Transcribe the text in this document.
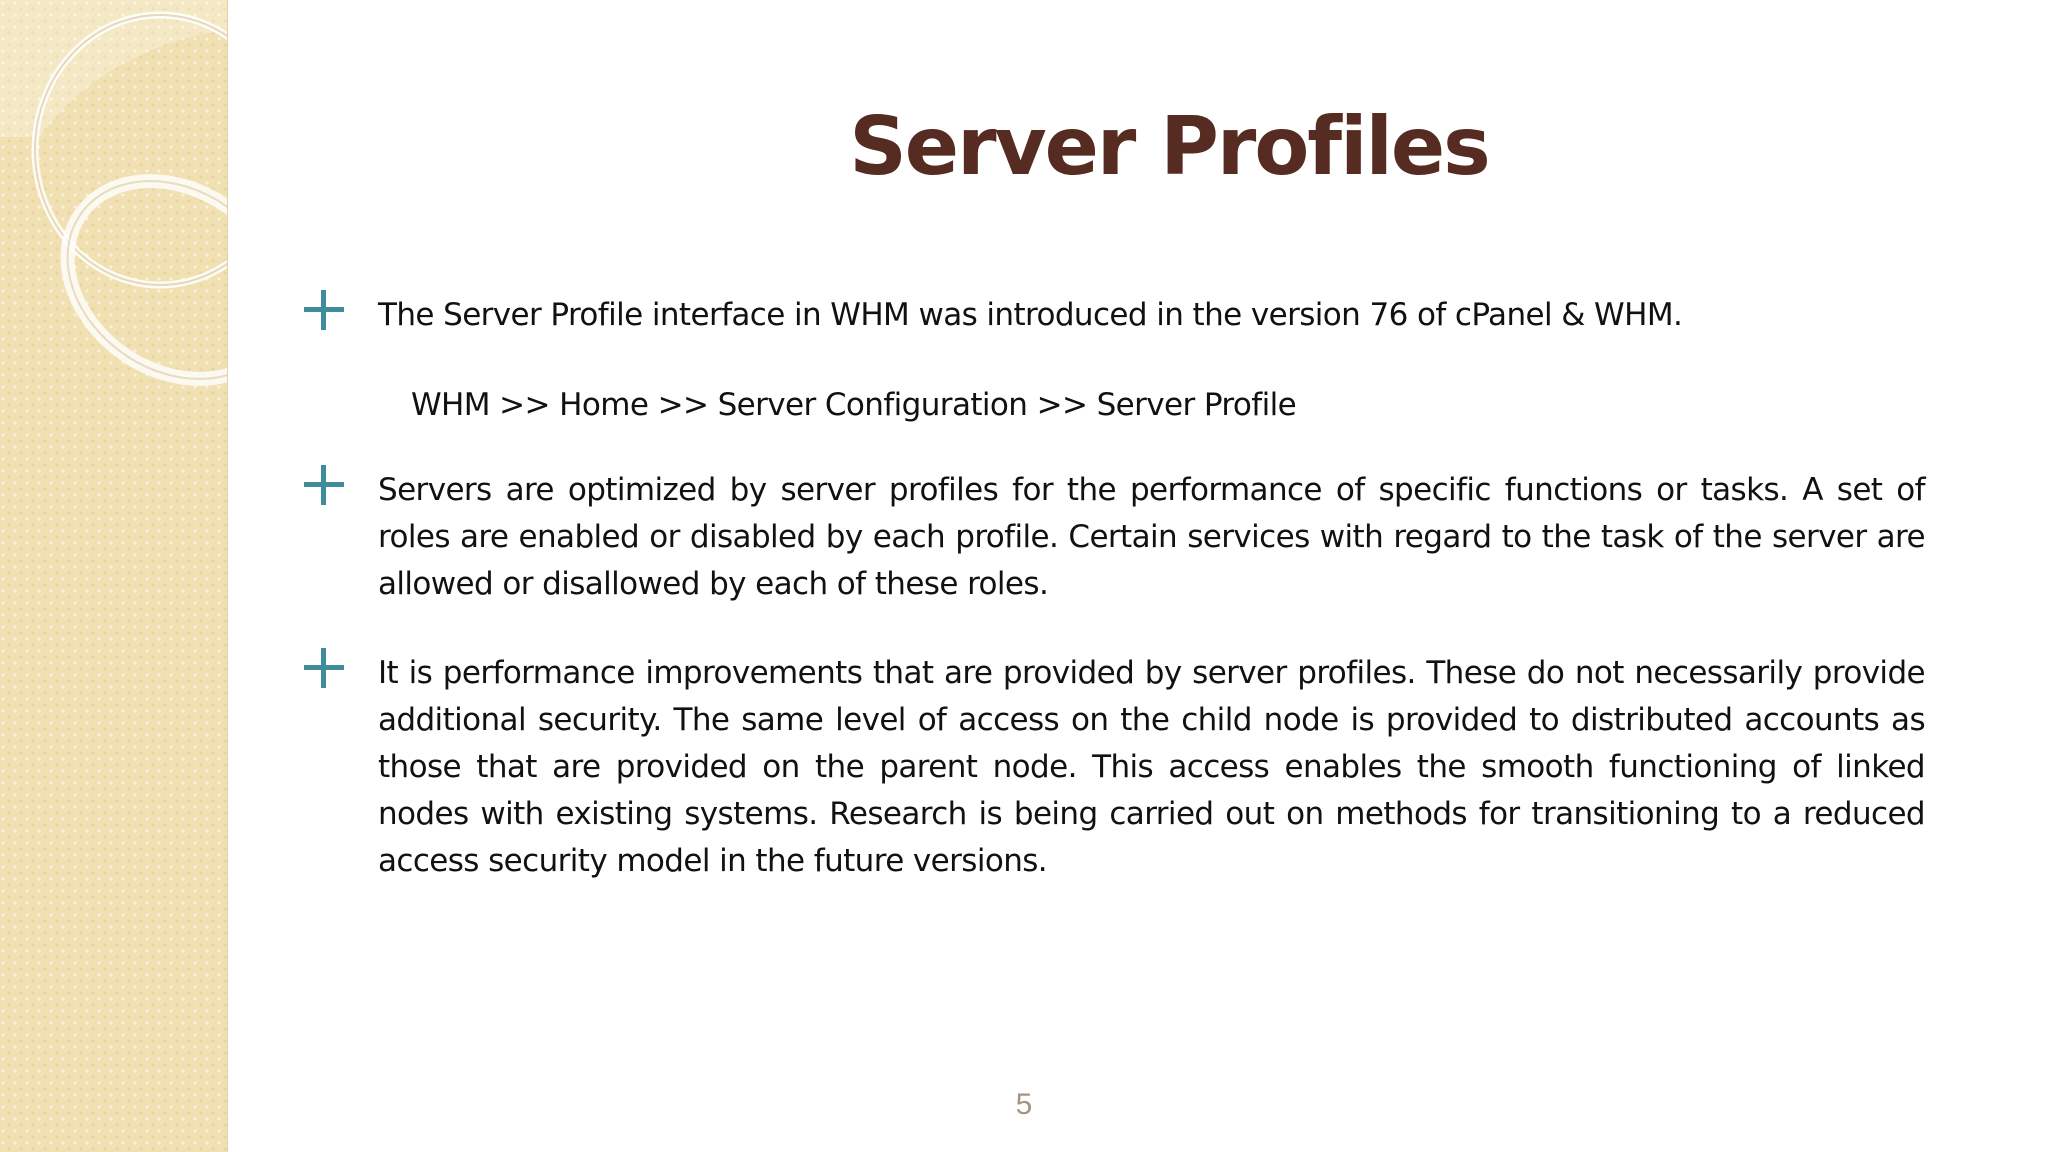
Server Profiles
The Server Profile interface in WHM was introduced in the version 76 of cPanel & WHM.
WHM >> Home >> Server Configuration >> Server Profile
Servers are optimized by server profiles for the performance of specific functions or tasks. A set of roles are enabled or disabled by each profile. Certain services with regard to the task of the server are allowed or disallowed by each of these roles.
It is performance improvements that are provided by server profiles. These do not necessarily provide additional security. The same level of access on the child node is provided to distributed accounts as those that are provided on the parent node. This access enables the smooth functioning of linked nodes with existing systems. Research is being carried out on methods for transitioning to a reduced access security model in the future versions.
5
